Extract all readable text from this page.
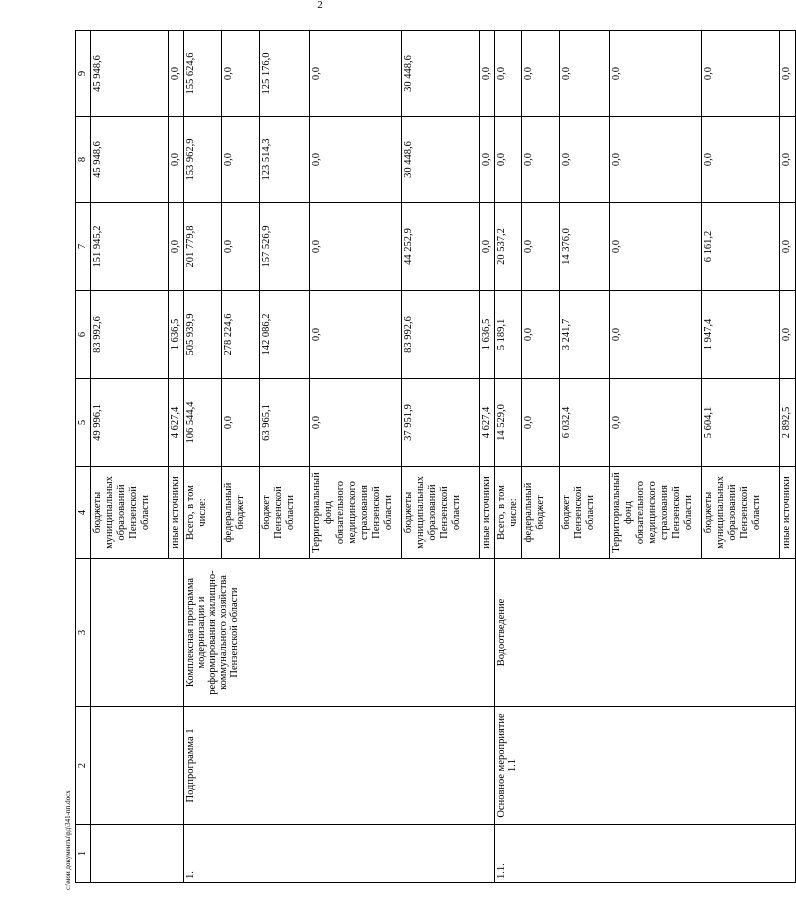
2
1	2	3	4	5	6	7	8	9
			бюджеты муниципальных образований Пензенской области	49 996,1	83 992,6	151 945,2	45 948,6	45 948,6
			иные источники	4 627,4	1 636,5	0,0	0,0	0,0
1.	Подпрограмма 1	Комплексная программа модернизации и реформирования жилищно-коммунального хозяйства Пензенской области	Всего, в том числе:	106 544,4	505 939,9	201 779,8	153 962,9	155 624,6
			федеральный бюджет	0,0	278 224,6	0,0	0,0	0,0
			бюджет Пензенской области	63 965,1	142 086,2	157 526,9	123 514,3	125 176,0
			Территориальный фонд обязательного медицинского страхования Пензенской области	0,0	0,0	0,0	0,0	0,0
			бюджеты муниципальных образований Пензенской области	37 951,9	83 992,6	44 252,9	30 448,6	30 448,6
			иные источники	4 627,4	1 636,5	0,0	0,0	0,0
1.1.	Основное мероприятие 1.1	Водоотведение	Всего, в том числе:	14 529,0	5 189,1	20 537,2	0,0	0,0
			федеральный бюджет	0,0	0,0	0,0	0,0	0,0
			бюджет Пензенской области	6 032,4	3 241,7	14 376,0	0,0	0,0
			Территориальный фонд обязательного медицинского страхования Пензенской области	0,0	0,0	0,0	0,0	0,0
			бюджеты муниципальных образований Пензенской области	5 604,1	1 947,4	6 161,2	0,0	0,0
			иные источники	2 892,5	0,0	0,0	0,0	0,0
c:\мои документы\рд\341-пп.docx
